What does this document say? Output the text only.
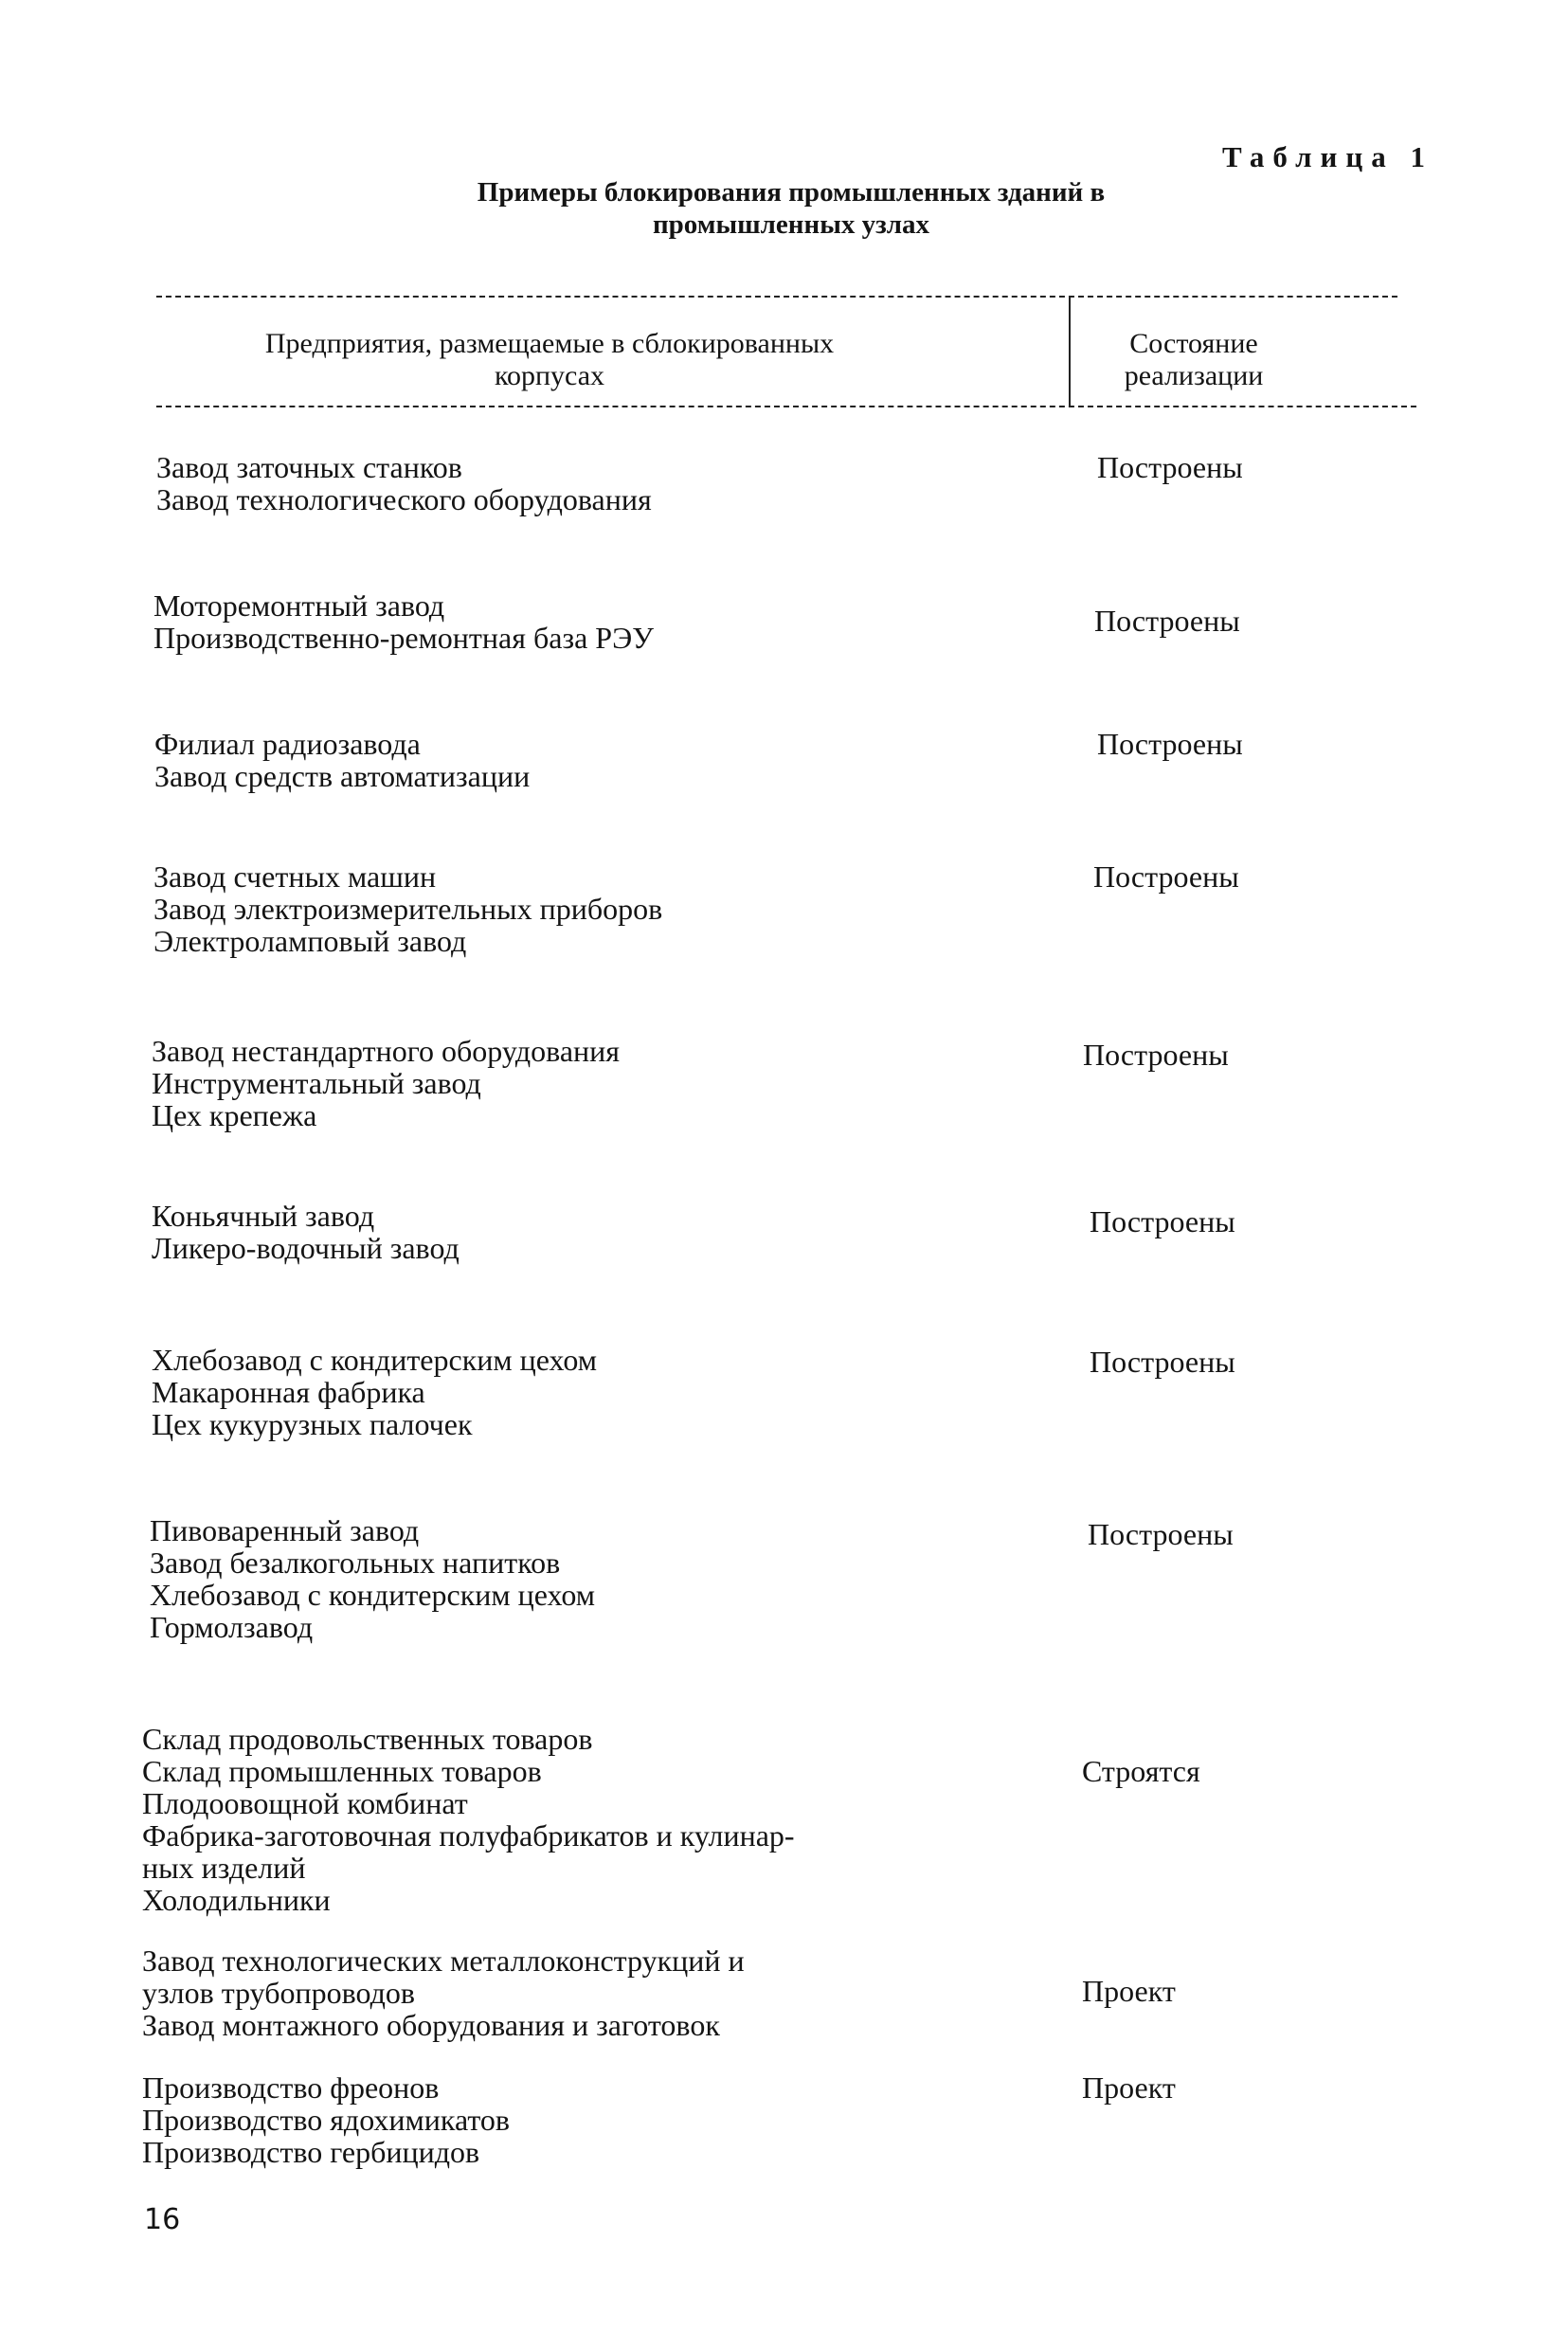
Таблица 1
Примеры блокирования промышленных зданий в
промышленных узлах
Предприятия, размещаемые в сблокированных
корпусах
Состояние
реализации
Завод заточных станков
Завод технологического оборудования
Построены
Моторемонтный завод
Производственно-ремонтная база РЭУ	Построены
Филиал радиозавода
Завод средств автоматизации
Построены
Завод счетных машин
Завод электроизмерительных приборов
Электроламповый завод
Построены
Завод нестандартного оборудования
Инструментальный завод
Цех крепежа
Построены
Коньячный завод
Ликеро-водочный завод
Построены
Хлебозавод с кондитерским цехом
Макаронная фабрика
Цех кукурузных палочек
Построены
Пивоваренный завод
Завод безалкогольных напитков
Хлебозавод с кондитерским цехом
Гормолзавод
Построены
Склад продовольственных товаров
Склад промышленных товаров
Плодоовощной комбинат
Фабрика-заготовочная полуфабрикатов и кулинар-
ных изделий
Холодильники
Строятся
Завод технологических металлоконструкций и
узлов трубопроводов
Завод монтажного оборудования и заготовок
Проект
Производство фреонов
Производство ядохимикатов
Производство гербицидов
Проект
16
